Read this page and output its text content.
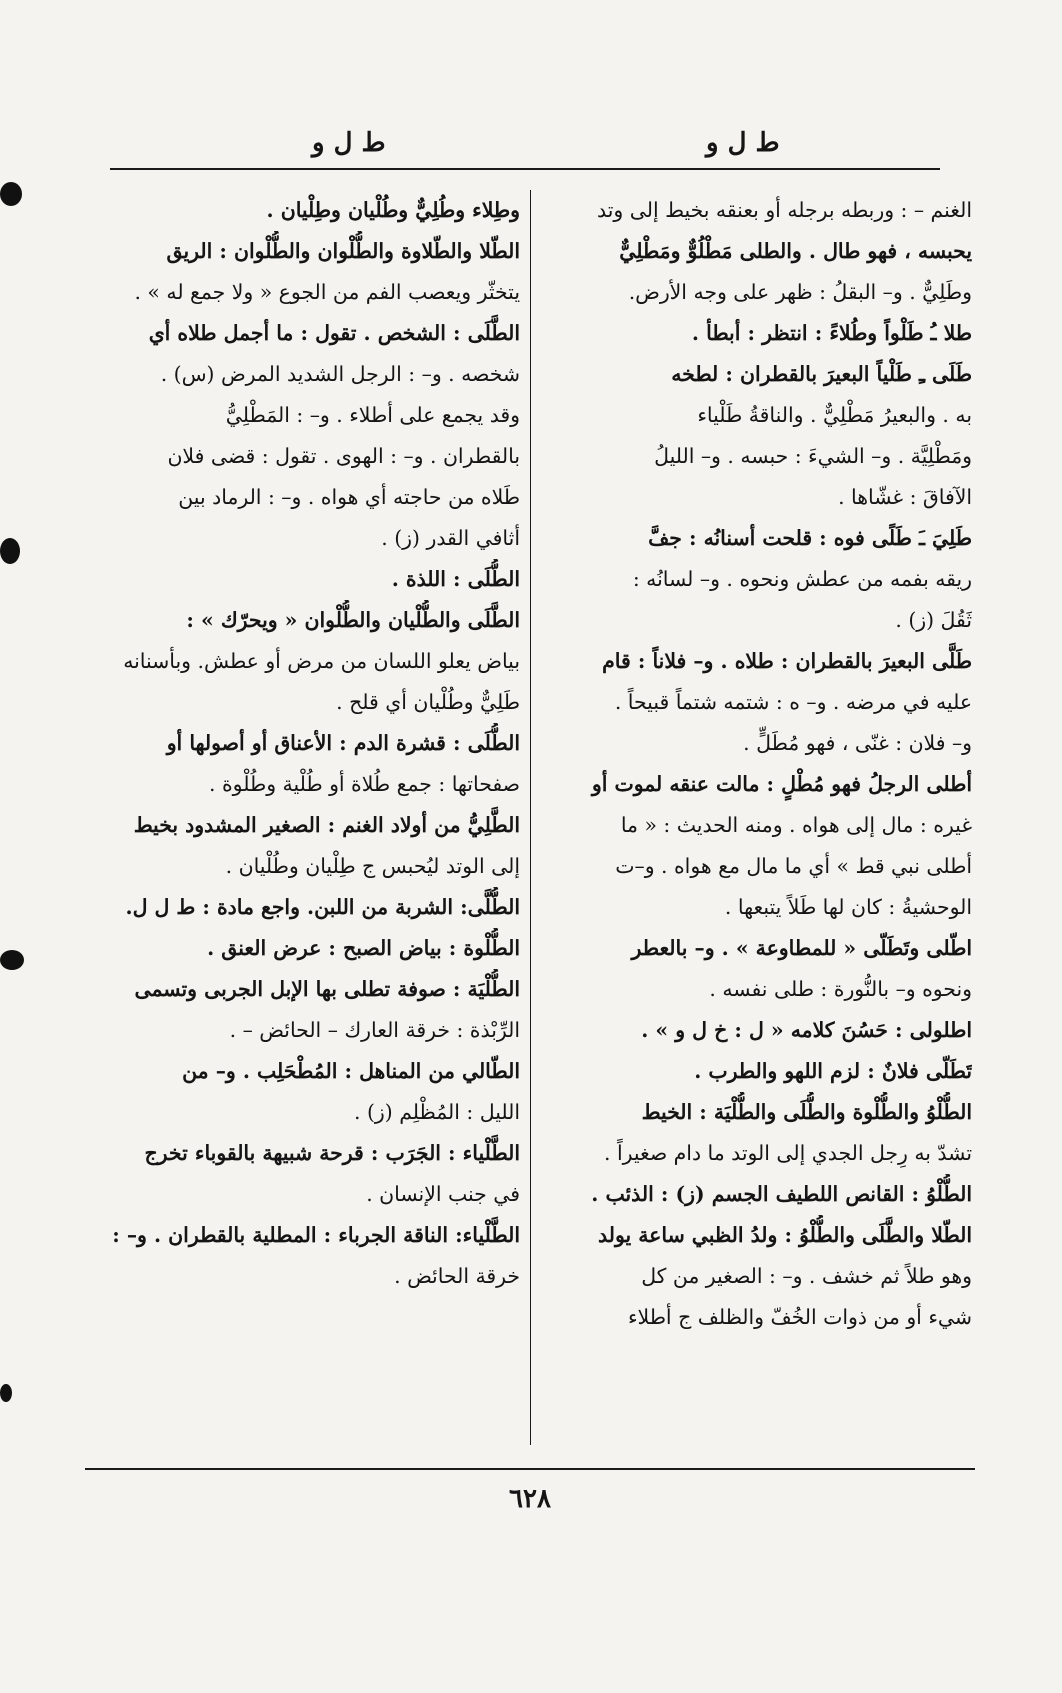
ط ل و
ط ل و
الغنم – : وربطه برجله أو بعنقه بخيط إلى وتد
يحبسه ، فهو طال . والطلى مَطْلُوٌّ ومَطْلِيٌّ
وطَلِيٌّ . و– البقلُ : ظهر على وجه الأرض.
طلا ـُ طَلْواً وطُلاءً : انتظر : أبطأ .
طَلَى ـِ طَلْياً البعيرَ بالقطران : لطخه
به . والبعيرُ مَطْلِيٌّ . والناقةُ طَلْياء
ومَطْلِيَّة . و– الشيءَ : حبسه . و– الليلُ
الآفاقَ : غشّاها .
طَلِيَ ـَ طَلًى فوه : قلحت أسنانُه : جفَّ
ريقه بفمه من عطش ونحوه . و– لسانُه :
ثَقُلَ (ز) .
طَلَّى البعيرَ بالقطران : طلاه . و– فلاناً : قام
عليه في مرضه . و– ه : شتمه شتماً قبيحاً .
و– فلان : غنّى ، فهو مُطَلٍّ .
أطلى الرجلُ فهو مُطْلٍ : مالت عنقه لموت أو
غيره : مال إلى هواه . ومنه الحديث : « ما
أطلى نبي قط » أي ما مال مع هواه . و–ت
الوحشيةُ : كان لها طَلاً يتبعها .
اطّلى وتَطَلّى « للمطاوعة » . و– بالعطر
ونحوه و– بالنُّورة : طلى نفسه .
اطلولى : حَسُنَ كلامه « ل : خ ل و » .
تَطَلّى فلانٌ : لزم اللهو والطرب .
الطُّلْوُ والطُّلْوة والطُّلَى والطُّلْيَة : الخيط
تشدّ به رِجل الجدي إلى الوتد ما دام صغيراً .
الطُّلْوُ : القانص اللطيف الجسم (ز) : الذئب .
الطّلا والطَّلَى والطُّلْوُ : ولدُ الظبي ساعة يولد
وهو طلاً ثم خشف . و– : الصغير من كل
شيء أو من ذوات الخُفّ والظلف ج أطلاء
وطِلاء وطُلِيٌّ وطُلْيان وطِلْيان .
الطّلا والطّلاوة والطُّلْوان والطُّلْوان : الريق
يتخثّر ويعصب الفم من الجوع « ولا جمع له » .
الطَّلَى : الشخص . تقول : ما أجمل طلاه أي
شخصه . و– : الرجل الشديد المرض (س) .
وقد يجمع على أطلاء . و– : المَطْلِيُّ
بالقطران . و– : الهوى . تقول : قضى فلان
طَلاه من حاجته أي هواه . و– : الرماد بين
أثافي القدر (ز) .
الطُّلَى : اللذة .
الطَّلَى والطُّلْيان والطُّلْوان « ويحرّك » :
بياض يعلو اللسان من مرض أو عطش. وبأسنانه
طَلِيٌّ وطُلْيان أي قلح .
الطُّلَى : قشرة الدم : الأعناق أو أصولها أو
صفحاتها : جمع طُلاة أو طُلْية وطُلْوة .
الطَّلِيُّ من أولاد الغنم : الصغير المشدود بخيط
إلى الوتد ليُحبس ج طِلْيان وطُلْيان .
الطُّلَّى: الشربة من اللبن. واجع مادة : ط ل ل.
الطُّلْوة : بياض الصبح : عرض العنق .
الطُّلْيَة : صوفة تطلى بها الإبل الجربى وتسمى
الرِّبْذة : خرقة العارك – الحائض – .
الطّالي من المناهل : المُطْحَلِب . و– من
الليل : المُظْلِم (ز) .
الطَّلْياء : الجَرَب : قرحة شبيهة بالقوباء تخرج
في جنب الإنسان .
الطَّلْياء: الناقة الجرباء : المطلية بالقطران . و– :
خرقة الحائض .
٦٢٨
